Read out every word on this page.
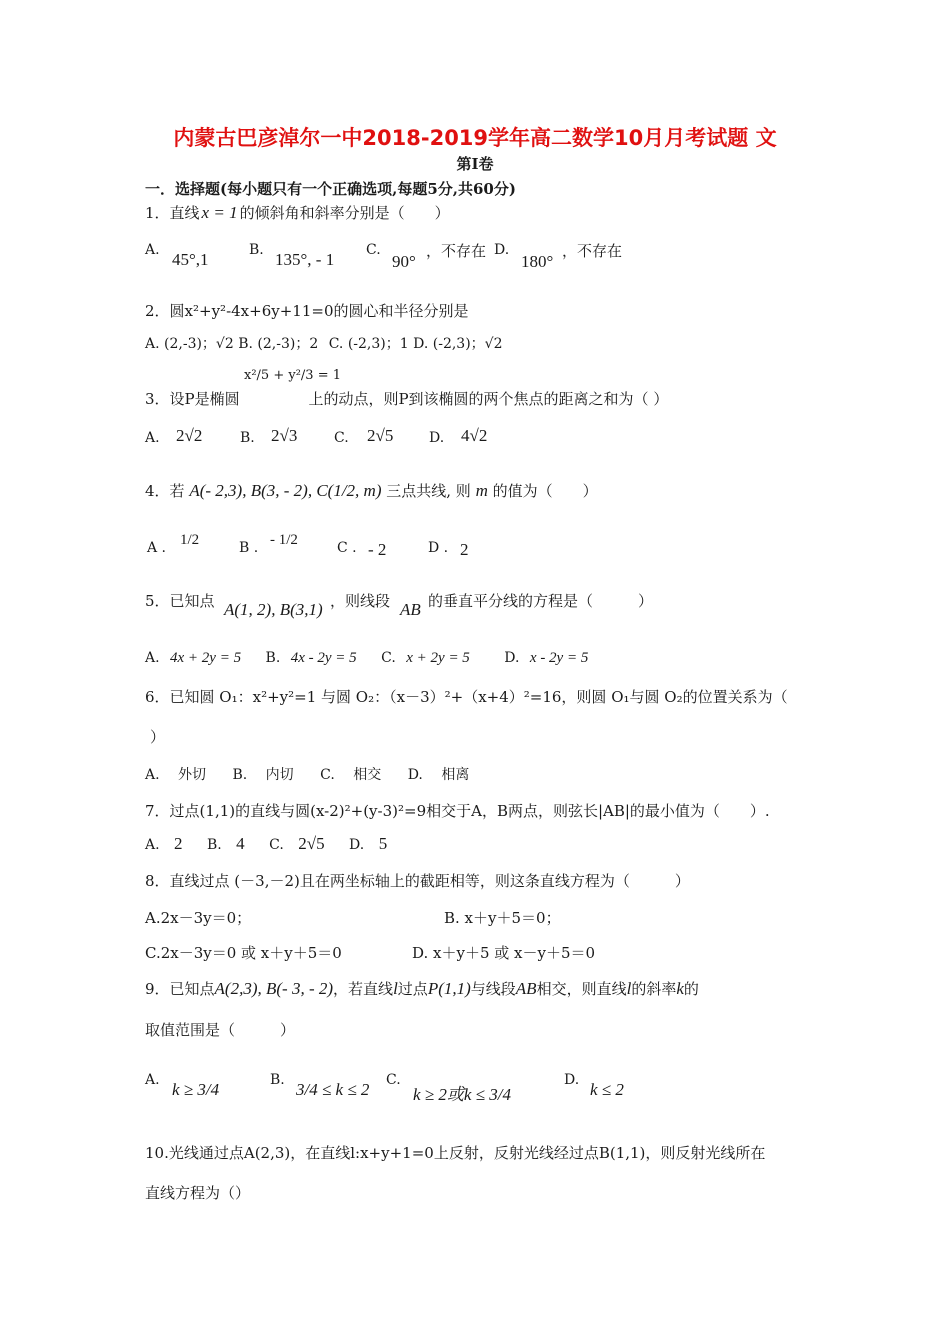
内蒙古巴彦淖尔一中2018-2019学年高二数学10月月考试题 文
第Ⅰ卷
一．选择题(每小题只有一个正确选项,每题5分,共60分)
1．直线 x = 1 的倾斜角和斜率分别是（　　）
A. 45°,1	B. 135°, - 1 C.
90°
，不存在 D.
180°
，不存在
2．圆x²+y²-4x+6y+11=0的圆心和半径分别是
A. (2,-3)；√2 B. (2,-3)；2 C. (-2,3)；1 D. (-2,3)；√2
3．设P是椭圆
x²/5 + y²/3 = 1
上的动点，则P到该椭圆的两个焦点的距离之和为（ ）
A. 2√2	B. 2√3	C. 2√5	D. 4√2
4．若 A(- 2,3), B(3, - 2), C(1/2, m) 三点共线, 则 m 的值为（　　）
A . 1/2	B . - 1/2	C . - 2	D . 2
5．已知点 A(1, 2), B(3,1) ，则线段 AB 的垂直平分线的方程是（　　　）
A. 4x + 2y = 5 B. 4x - 2y = 5 C. x + 2y = 5 D. x - 2y = 5
6．已知圆 O₁：x²+y²=1 与圆 O₂：（x－3）²+（x+4）²=16，则圆 O₁与圆 O₂的位置关系为（
）
A.　 外切 B.　 内切 C.　 相交 D.　 相离
7．过点(1,1)的直线与圆(x-2)²+(y-3)²=9相交于A，B两点，则弦长|AB|的最小值为（　　）.
A. 2 B. 4 C. 2√5 D. 5
8．直线过点 (－3,－2)且在两坐标轴上的截距相等，则这条直线方程为（　　　）
A.2x－3y＝0；	B. x＋y＋5＝0；
C.2x－3y＝0 或 x＋y＋5＝0	D. x＋y＋5 或 x－y＋5＝0
9．已知点A(2,3), B(- 3, - 2)，若直线l过点P(1,1)与线段AB相交，则直线l的斜率k的
取值范围是（　　　）
A. k ≥ 3/4	B. 3/4 ≤ k ≤ 2 C.
k ≥ 2或k ≤ 3/4
D. k ≤ 2
10.光线通过点A(2,3)，在直线l:x+y+1=0上反射，反射光线经过点B(1,1)，则反射光线所在
直线方程为（）
